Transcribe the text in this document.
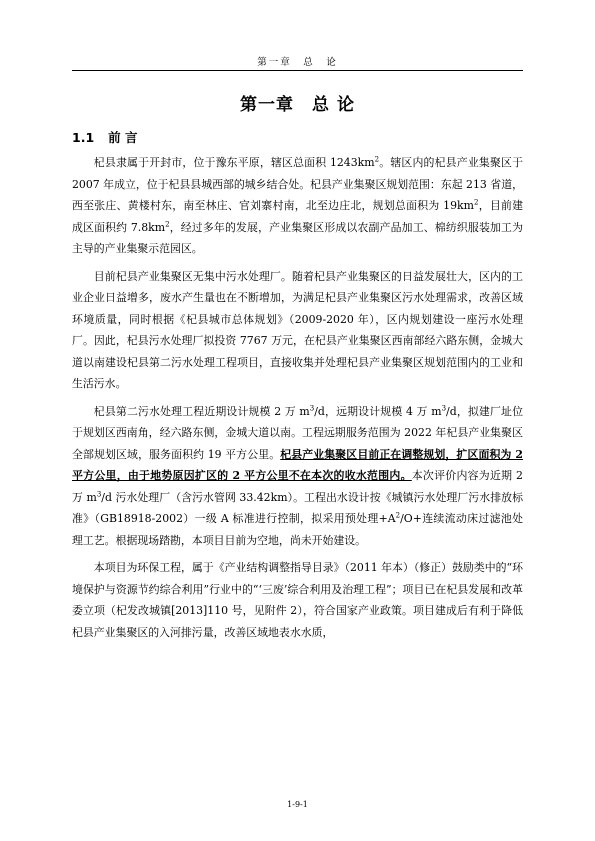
第一章　总　论
第一章　总 论
1.1 前 言

杞县隶属于开封市，位于豫东平原，辖区总面积 $1243km^2$。辖区内的杞县产业集聚区于 2007 年成立，位于杞县县城西部的城乡结合处。杞县产业集聚区规划范围：东起 213 省道，西至张庄、黄楼村东，南至林庄、官刘寨村南，北至边庄北，规划总面积为 $19km^2$，目前建成区面积约 $7.8km^2$，经过多年的发展，产业集聚区形成以农副产品加工、棉纺织服装加工为主导的产业集聚示范园区。

目前杞县产业集聚区无集中污水处理厂。随着杞县产业集聚区的日益发展壮大，区内的工业企业日益增多，废水产生量也在不断增加，为满足杞县产业集聚区污水处理需求，改善区域环境质量，同时根据《杞县城市总体规划》（2009-2020 年），区内规划建设一座污水处理厂。因此，杞县污水处理厂拟投资 7767 万元，在杞县产业集聚区西南部经六路东侧，金城大道以南建设杞县第二污水处理工程项目，直接收集并处理杞县产业集聚区规划范围内的工业和生活污水。

杞县第二污水处理工程近期设计规模 2 万 $m^3/d$，远期设计规模 4 万 $m^3/d$，拟建厂址位于规划区西南角，经六路东侧，金城大道以南。工程远期服务范围为 2022 年杞县产业集聚区全部规划区域，服务面积约 19 平方公里。杞县产业集聚区目前正在调整规划，扩区面积为 2 平方公里，由于地势原因扩区的 2 平方公里不在本次的收水范围内。本次评价内容为近期 2 万 $m^3/d$ 污水处理厂（含污水管网 33.42km）。工程出水设计按《城镇污水处理厂污水排放标准》（GB18918-2002）一级 A 标准进行控制，拟采用预处理$+A^2/O+$连续流动床过滤池处理工艺。根据现场踏勘，本项目目前为空地，尚未开始建设。

本项目为环保工程，属于《产业结构调整指导目录》（2011 年本）（修正）鼓励类中的“环境保护与资源节约综合利用”行业中的“‘三废’综合利用及治理工程”；项目已在杞县发展和改革委立项（杞发改城镇[2013]110 号，见附件 2），符合国家产业政策。项目建成后有利于降低杞县产业集聚区的入河排污量，改善区域地表水水质，

1-9-1
